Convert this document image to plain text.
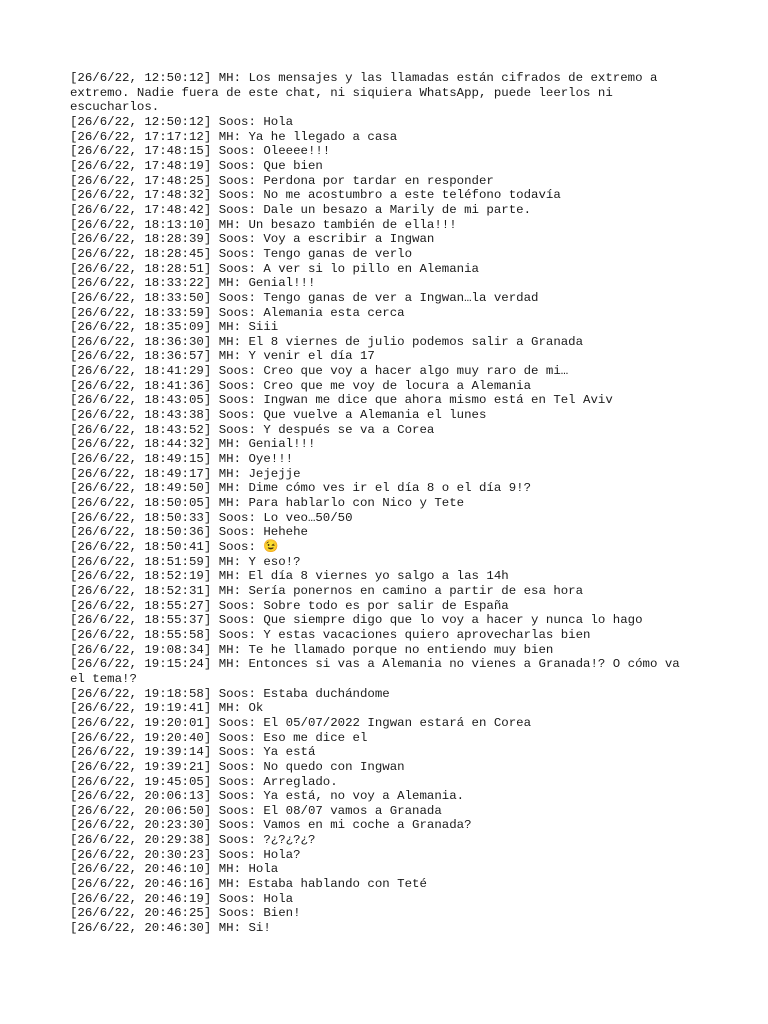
[26/6/22, 12:50:12] MH: Los mensajes y las llamadas están cifrados de extremo a extremo. Nadie fuera de este chat, ni siquiera WhatsApp, puede leerlos ni escucharlos.

[26/6/22, 12:50:12] Soos: Hola

[26/6/22, 17:17:12] MH: Ya he llegado a casa

[26/6/22, 17:48:15] Soos: Oleeee!!!

[26/6/22, 17:48:19] Soos: Que bien

[26/6/22, 17:48:25] Soos: Perdona por tardar en responder

[26/6/22, 17:48:32] Soos: No me acostumbro a este teléfono todavía

[26/6/22, 17:48:42] Soos: Dale un besazo a Marily de mi parte.

[26/6/22, 18:13:10] MH: Un besazo también de ella!!!

[26/6/22, 18:28:39] Soos: Voy a escribir a Ingwan

[26/6/22, 18:28:45] Soos: Tengo ganas de verlo

[26/6/22, 18:28:51] Soos: A ver si lo pillo en Alemania

[26/6/22, 18:33:22] MH: Genial!!!

[26/6/22, 18:33:50] Soos: Tengo ganas de ver a Ingwan…la verdad

[26/6/22, 18:33:59] Soos: Alemania esta cerca

[26/6/22, 18:35:09] MH: Siii

[26/6/22, 18:36:30] MH: El 8 viernes de julio podemos salir a Granada

[26/6/22, 18:36:57] MH: Y venir el día 17

[26/6/22, 18:41:29] Soos: Creo que voy a hacer algo muy raro de mi…

[26/6/22, 18:41:36] Soos: Creo que me voy de locura a Alemania

[26/6/22, 18:43:05] Soos: Ingwan me dice que ahora mismo está en Tel Aviv

[26/6/22, 18:43:38] Soos: Que vuelve a Alemania el lunes

[26/6/22, 18:43:52] Soos: Y después se va a Corea

[26/6/22, 18:44:32] MH: Genial!!!

[26/6/22, 18:49:15] MH: Oye!!!

[26/6/22, 18:49:17] MH: Jejejje

[26/6/22, 18:49:50] MH: Dime cómo ves ir el día 8 o el día 9!?

[26/6/22, 18:50:05] MH: Para hablarlo con Nico y Tete

[26/6/22, 18:50:33] Soos: Lo veo…50/50

[26/6/22, 18:50:36] Soos: Hehehe

[26/6/22, 18:50:41] Soos: 😉

[26/6/22, 18:51:59] MH: Y eso!?

[26/6/22, 18:52:19] MH: El día 8 viernes yo salgo a las 14h

[26/6/22, 18:52:31] MH: Sería ponernos en camino a partir de esa hora

[26/6/22, 18:55:27] Soos: Sobre todo es por salir de España

[26/6/22, 18:55:37] Soos: Que siempre digo que lo voy a hacer y nunca lo hago

[26/6/22, 18:55:58] Soos: Y estas vacaciones quiero aprovecharlas bien

[26/6/22, 19:08:34] MH: Te he llamado porque no entiendo muy bien

[26/6/22, 19:15:24] MH: Entonces si vas a Alemania no vienes a Granada!? O cómo va el tema!?

[26/6/22, 19:18:58] Soos: Estaba duchándome

[26/6/22, 19:19:41] MH: Ok

[26/6/22, 19:20:01] Soos: El 05/07/2022 Ingwan estará en Corea

[26/6/22, 19:20:40] Soos: Eso me dice el

[26/6/22, 19:39:14] Soos: Ya está

[26/6/22, 19:39:21] Soos: No quedo con Ingwan

[26/6/22, 19:45:05] Soos: Arreglado.

[26/6/22, 20:06:13] Soos: Ya está, no voy a Alemania.

[26/6/22, 20:06:50] Soos: El 08/07 vamos a Granada

[26/6/22, 20:23:30] Soos: Vamos en mi coche a Granada?

[26/6/22, 20:29:38] Soos: ?¿?¿?¿?

[26/6/22, 20:30:23] Soos: Hola?

[26/6/22, 20:46:10] MH: Hola

[26/6/22, 20:46:16] MH: Estaba hablando con Teté

[26/6/22, 20:46:19] Soos: Hola

[26/6/22, 20:46:25] Soos: Bien!

[26/6/22, 20:46:30] MH: Si!
